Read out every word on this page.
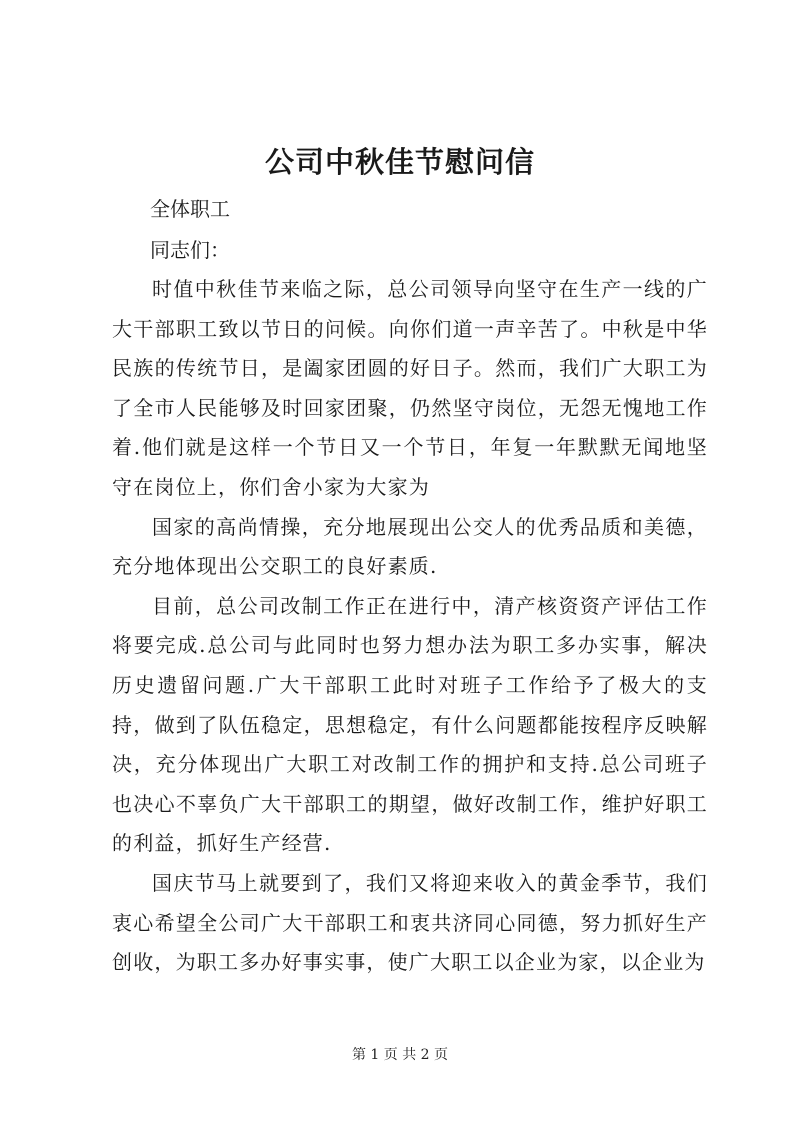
公司中秋佳节慰问信
全体职工
同志们：

时值中秋佳节来临之际，总公司领导向坚守在生产一线的广大干部职工致以节日的问候。向你们道一声辛苦了。中秋是中华民族的传统节日，是阖家团圆的好日子。然而，我们广大职工为了全市人民能够及时回家团聚，仍然坚守岗位，无怨无愧地工作着.他们就是这样一个节日又一个节日，年复一年默默无闻地坚守在岗位上，你们舍小家为大家为

国家的高尚情操，充分地展现出公交人的优秀品质和美德，充分地体现出公交职工的良好素质.

目前，总公司改制工作正在进行中，清产核资资产评估工作将要完成.总公司与此同时也努力想办法为职工多办实事，解决历史遗留问题.广大干部职工此时对班子工作给予了极大的支持，做到了队伍稳定，思想稳定，有什么问题都能按程序反映解决，充分体现出广大职工对改制工作的拥护和支持.总公司班子也决心不辜负广大干部职工的期望，做好改制工作，维护好职工的利益，抓好生产经营.

国庆节马上就要到了，我们又将迎来收入的黄金季节，我们衷心希望全公司广大干部职工和衷共济同心同德，努力抓好生产创收，为职工多办好事实事，使广大职工以企业为家，以企业为

第 1 页 共 2 页
